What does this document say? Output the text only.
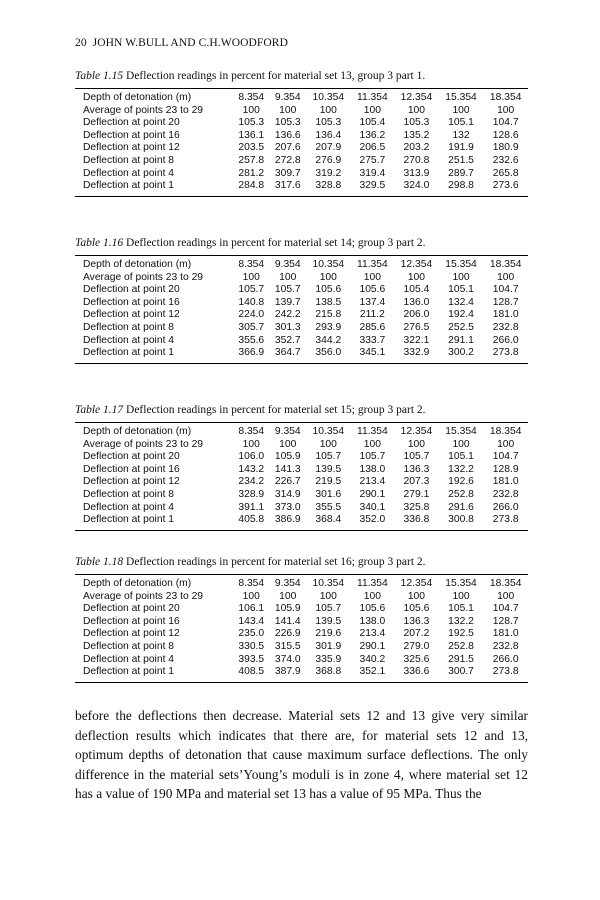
20 JOHN W.BULL AND C.H.WOODFORD
Table 1.15 Deflection readings in percent for material set 13, group 3 part 1.
Depth of detonation (m)	8.354	9.354	10.354	11.354	12.354	15.354	18.354
Average of points 23 to 29	100	100	100	100	100	100	100
Deflection at point 20	105.3	105.3	105.3	105.4	105.3	105.1	104.7
Deflection at point 16	136.1	136.6	136.4	136.2	135.2	132	128.6
Deflection at point 12	203.5	207.6	207.9	206.5	203.2	191.9	180.9
Deflection at point 8	257.8	272.8	276.9	275.7	270.8	251.5	232.6
Deflection at point 4	281.2	309.7	319.2	319.4	313.9	289.7	265.8
Deflection at point 1	284.8	317.6	328.8	329.5	324.0	298.8	273.6
Table 1.16 Deflection readings in percent for material set 14; group 3 part 2.
Depth of detonation (m)	8.354	9.354	10.354	11.354	12.354	15.354	18.354
Average of points 23 to 29	100	100	100	100	100	100	100
Deflection at point 20	105.7	105.7	105.6	105.6	105.4	105.1	104.7
Deflection at point 16	140.8	139.7	138.5	137.4	136.0	132.4	128.7
Deflection at point 12	224.0	242.2	215.8	211.2	206.0	192.4	181.0
Deflection at point 8	305.7	301.3	293.9	285.6	276.5	252.5	232.8
Deflection at point 4	355.6	352.7	344.2	333.7	322.1	291.1	266.0
Deflection at point 1	366.9	364.7	356.0	345.1	332.9	300.2	273.8
Table 1.17 Deflection readings in percent for material set 15; group 3 part 2.
Depth of detonation (m)	8.354	9.354	10.354	11.354	12.354	15.354	18.354
Average of points 23 to 29	100	100	100	100	100	100	100
Deflection at point 20	106.0	105.9	105.7	105.7	105.7	105.1	104.7
Deflection at point 16	143.2	141.3	139.5	138.0	136.3	132.2	128.9
Deflection at point 12	234.2	226.7	219.5	213.4	207.3	192.6	181.0
Deflection at point 8	328.9	314.9	301.6	290.1	279.1	252.8	232.8
Deflection at point 4	391.1	373.0	355.5	340.1	325.8	291.6	266.0
Deflection at point 1	405.8	386.9	368.4	352.0	336.8	300.8	273.8
Table 1.18 Deflection readings in percent for material set 16; group 3 part 2.
Depth of detonation (m)	8.354	9.354	10.354	11.354	12.354	15.354	18.354
Average of points 23 to 29	100	100	100	100	100	100	100
Deflection at point 20	106.1	105.9	105.7	105.6	105.6	105.1	104.7
Deflection at point 16	143.4	141.4	139.5	138.0	136.3	132.2	128.7
Deflection at point 12	235.0	226.9	219.6	213.4	207.2	192.5	181.0
Deflection at point 8	330.5	315.5	301.9	290.1	279.0	252.8	232.8
Deflection at point 4	393.5	374.0	335.9	340.2	325.6	291.5	266.0
Deflection at point 1	408.5	387.9	368.8	352.1	336.6	300.7	273.8

before the deflections then decrease. Material sets 12 and 13 give very similar deflection results which indicates that there are, for material sets 12 and 13, optimum depths of detonation that cause maximum surface deflections. The only difference in the material sets’Young’s moduli is in zone 4, where material set 12 has a value of 190 MPa and material set 13 has a value of 95 MPa. Thus the
